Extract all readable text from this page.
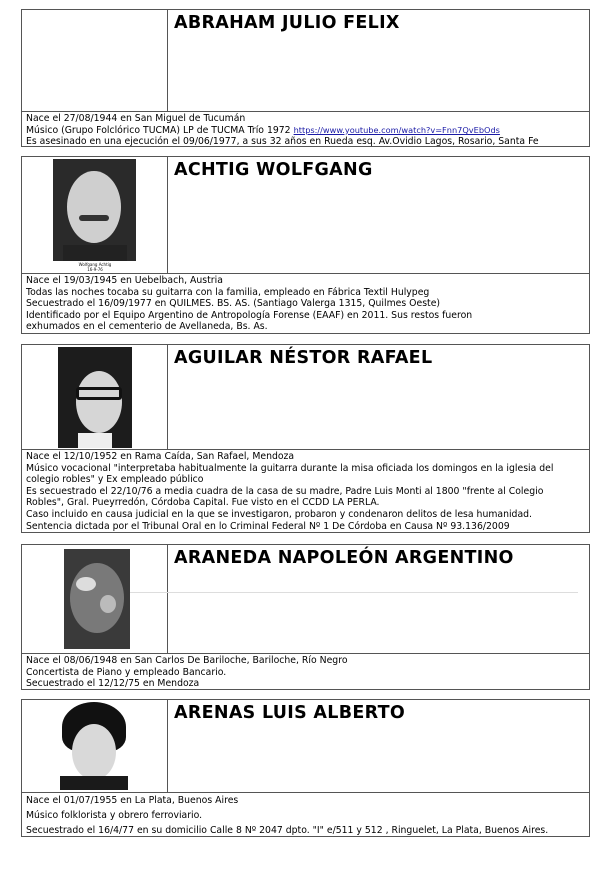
ABRAHAM JULIO FELIX
Nace el 27/08/1944 en San Miguel de Tucumán
Músico (Grupo Folclórico TUCMA) LP de TUCMA Trío 1972 https://www.youtube.com/watch?v=Fnn7QvEbOds
Es asesinado en una ejecución el 09/06/1977, a sus 32 años en Rueda esq. Av.Ovidio Lagos, Rosario, Santa Fe
Wolfgang Achtig
16-9-76
ACHTIG WOLFGANG
Nace el 19/03/1945 en Uebelbach, Austria
Todas las noches tocaba su guitarra con la familia, empleado en Fábrica Textil Hulypeg
Secuestrado el 16/09/1977 en QUILMES. BS. AS. (Santiago Valerga 1315, Quilmes Oeste)
Identificado por el Equipo Argentino de Antropología Forense (EAAF) en 2011. Sus restos fueron
exhumados en el cementerio de Avellaneda, Bs. As.
AGUILAR NÉSTOR RAFAEL
Nace el 12/10/1952 en Rama Caída, San Rafael, Mendoza
Músico vocacional "interpretaba habitualmente la guitarra durante la misa oficiada los domingos en la iglesia del
colegio robles" y Ex empleado público
Es secuestrado el 22/10/76 a media cuadra de la casa de su madre, Padre Luis Monti al 1800 "frente al Colegio
Robles", Gral. Pueyrredón, Córdoba Capital. Fue visto en el CCDD LA PERLA.
Caso incluido en causa judicial en la que se investigaron, probaron y condenaron delitos de lesa humanidad.
Sentencia dictada por el Tribunal Oral en lo Criminal Federal Nº 1 De Córdoba en Causa Nº 93.136/2009
ARANEDA NAPOLEÓN ARGENTINO
Nace el 08/06/1948 en San Carlos De Bariloche, Bariloche, Río Negro
Concertista de Piano y empleado Bancario.
Secuestrado el 12/12/75 en Mendoza
ARENAS LUIS ALBERTO
Nace el 01/07/1955 en La Plata, Buenos Aires
Músico folklorista y obrero ferroviario.
Secuestrado el 16/4/77 en su domicilio Calle 8 Nº 2047 dpto. "I" e/511 y 512 , Ringuelet, La Plata, Buenos Aires.
